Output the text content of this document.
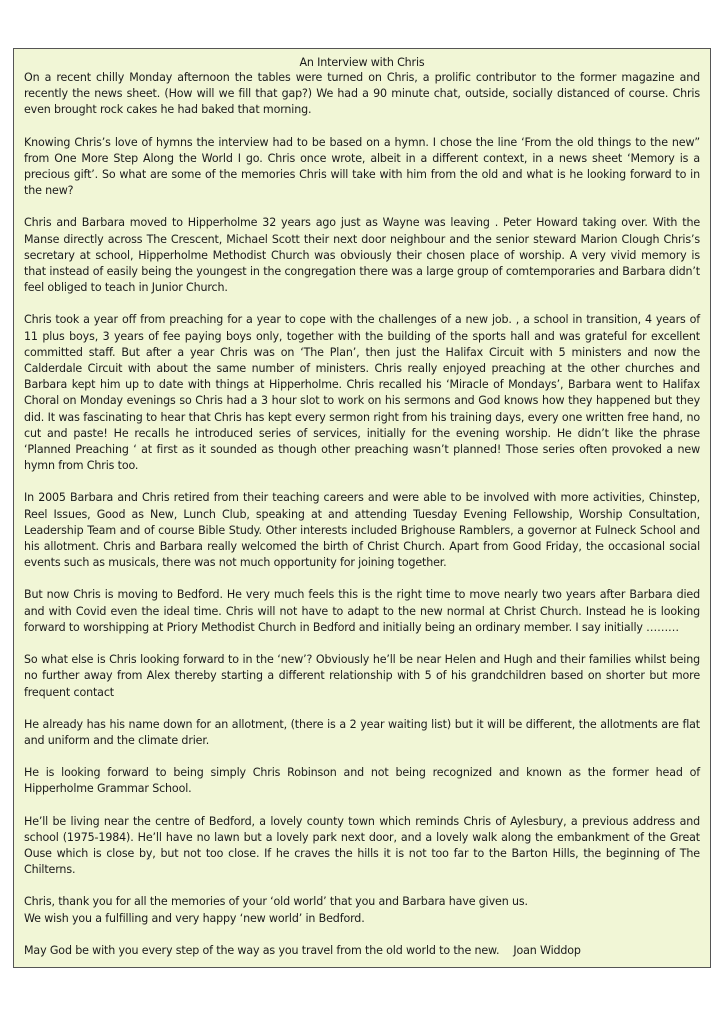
An Interview with Chris

On a recent chilly Monday afternoon the tables were turned on Chris, a prolific contributor to the former magazine and recently the news sheet. (How will we fill that gap?) We had a 90 minute chat, outside, socially distanced of course. Chris even brought rock cakes he had baked that morning.

Knowing Chris’s love of hymns the interview had to be based on a hymn. I chose the line ‘From the old things to the new” from One More Step Along the World I go. Chris once wrote, albeit in a different context, in a news sheet ‘Memory is a precious gift’. So what are some of the memories Chris will take with him from the old and what is he looking forward to in the new?

Chris and Barbara moved to Hipperholme 32 years ago just as Wayne was leaving . Peter Howard taking over. With the Manse directly across The Crescent, Michael Scott their next door neighbour and the senior steward Marion Clough Chris’s secretary at school, Hipperholme Methodist Church was obviously their chosen place of worship. A very vivid memory is that instead of easily being the youngest in the congregation there was a large group of comtemporaries and Barbara didn’t feel obliged to teach in Junior Church.

Chris took a year off from preaching for a year to cope with the challenges of a new job. , a school in transition, 4 years of 11 plus boys, 3 years of fee paying boys only, together with the building of the sports hall and was grateful for excellent committed staff. But after a year Chris was on ‘The Plan’, then just the Halifax Circuit with 5 ministers and now the Calderdale Circuit with about the same number of ministers. Chris really enjoyed preaching at the other churches and Barbara kept him up to date with things at Hipperholme. Chris recalled his ‘Miracle of Mondays’, Barbara went to Halifax Choral on Monday evenings so Chris had a 3 hour slot to work on his sermons and God knows how they happened but they did. It was fascinating to hear that Chris has kept every sermon right from his training days, every one written free hand, no cut and paste! He recalls he introduced series of services, initially for the evening worship. He didn’t like the phrase ‘Planned Preaching ‘ at first as it sounded as though other preaching wasn’t planned! Those series often provoked a new hymn from Chris too.

In 2005 Barbara and Chris retired from their teaching careers and were able to be involved with more activities, Chinstep, Reel Issues, Good as New, Lunch Club, speaking at and attending Tuesday Evening Fellowship, Worship Consultation, Leadership Team and of course Bible Study. Other interests included Brighouse Ramblers, a governor at Fulneck School and his allotment. Chris and Barbara really welcomed the birth of Christ Church. Apart from Good Friday, the occasional social events such as musicals, there was not much opportunity for joining together.

But now Chris is moving to Bedford. He very much feels this is the right time to move nearly two years after Barbara died and with Covid even the ideal time. Chris will not have to adapt to the new normal at Christ Church. Instead he is looking forward to worshipping at Priory Methodist Church in Bedford and initially being an ordinary member. I say initially ………

So what else is Chris looking forward to in the ‘new’? Obviously he’ll be near Helen and Hugh and their families whilst being no further away from Alex thereby starting a different relationship with 5 of his grandchildren based on shorter but more frequent contact

He already has his name down for an allotment, (there is a 2 year waiting list) but it will be different, the allotments are flat and uniform and the climate drier.

He is looking forward to being simply Chris Robinson and not being recognized and known as the former head of Hipperholme Grammar School.

He’ll be living near the centre of Bedford, a lovely county town which reminds Chris of Aylesbury, a previous address and school (1975-1984). He’ll have no lawn but a lovely park next door, and a lovely walk along the embankment of the Great Ouse which is close by, but not too close. If he craves the hills it is not too far to the Barton Hills, the beginning of The Chilterns.

Chris, thank you for all the memories of your ‘old world’ that you and Barbara have given us.

We wish you a fulfilling and very happy ‘new world’ in Bedford.

May God be with you every step of the way as you travel from the old world to the new. Joan Widdop
